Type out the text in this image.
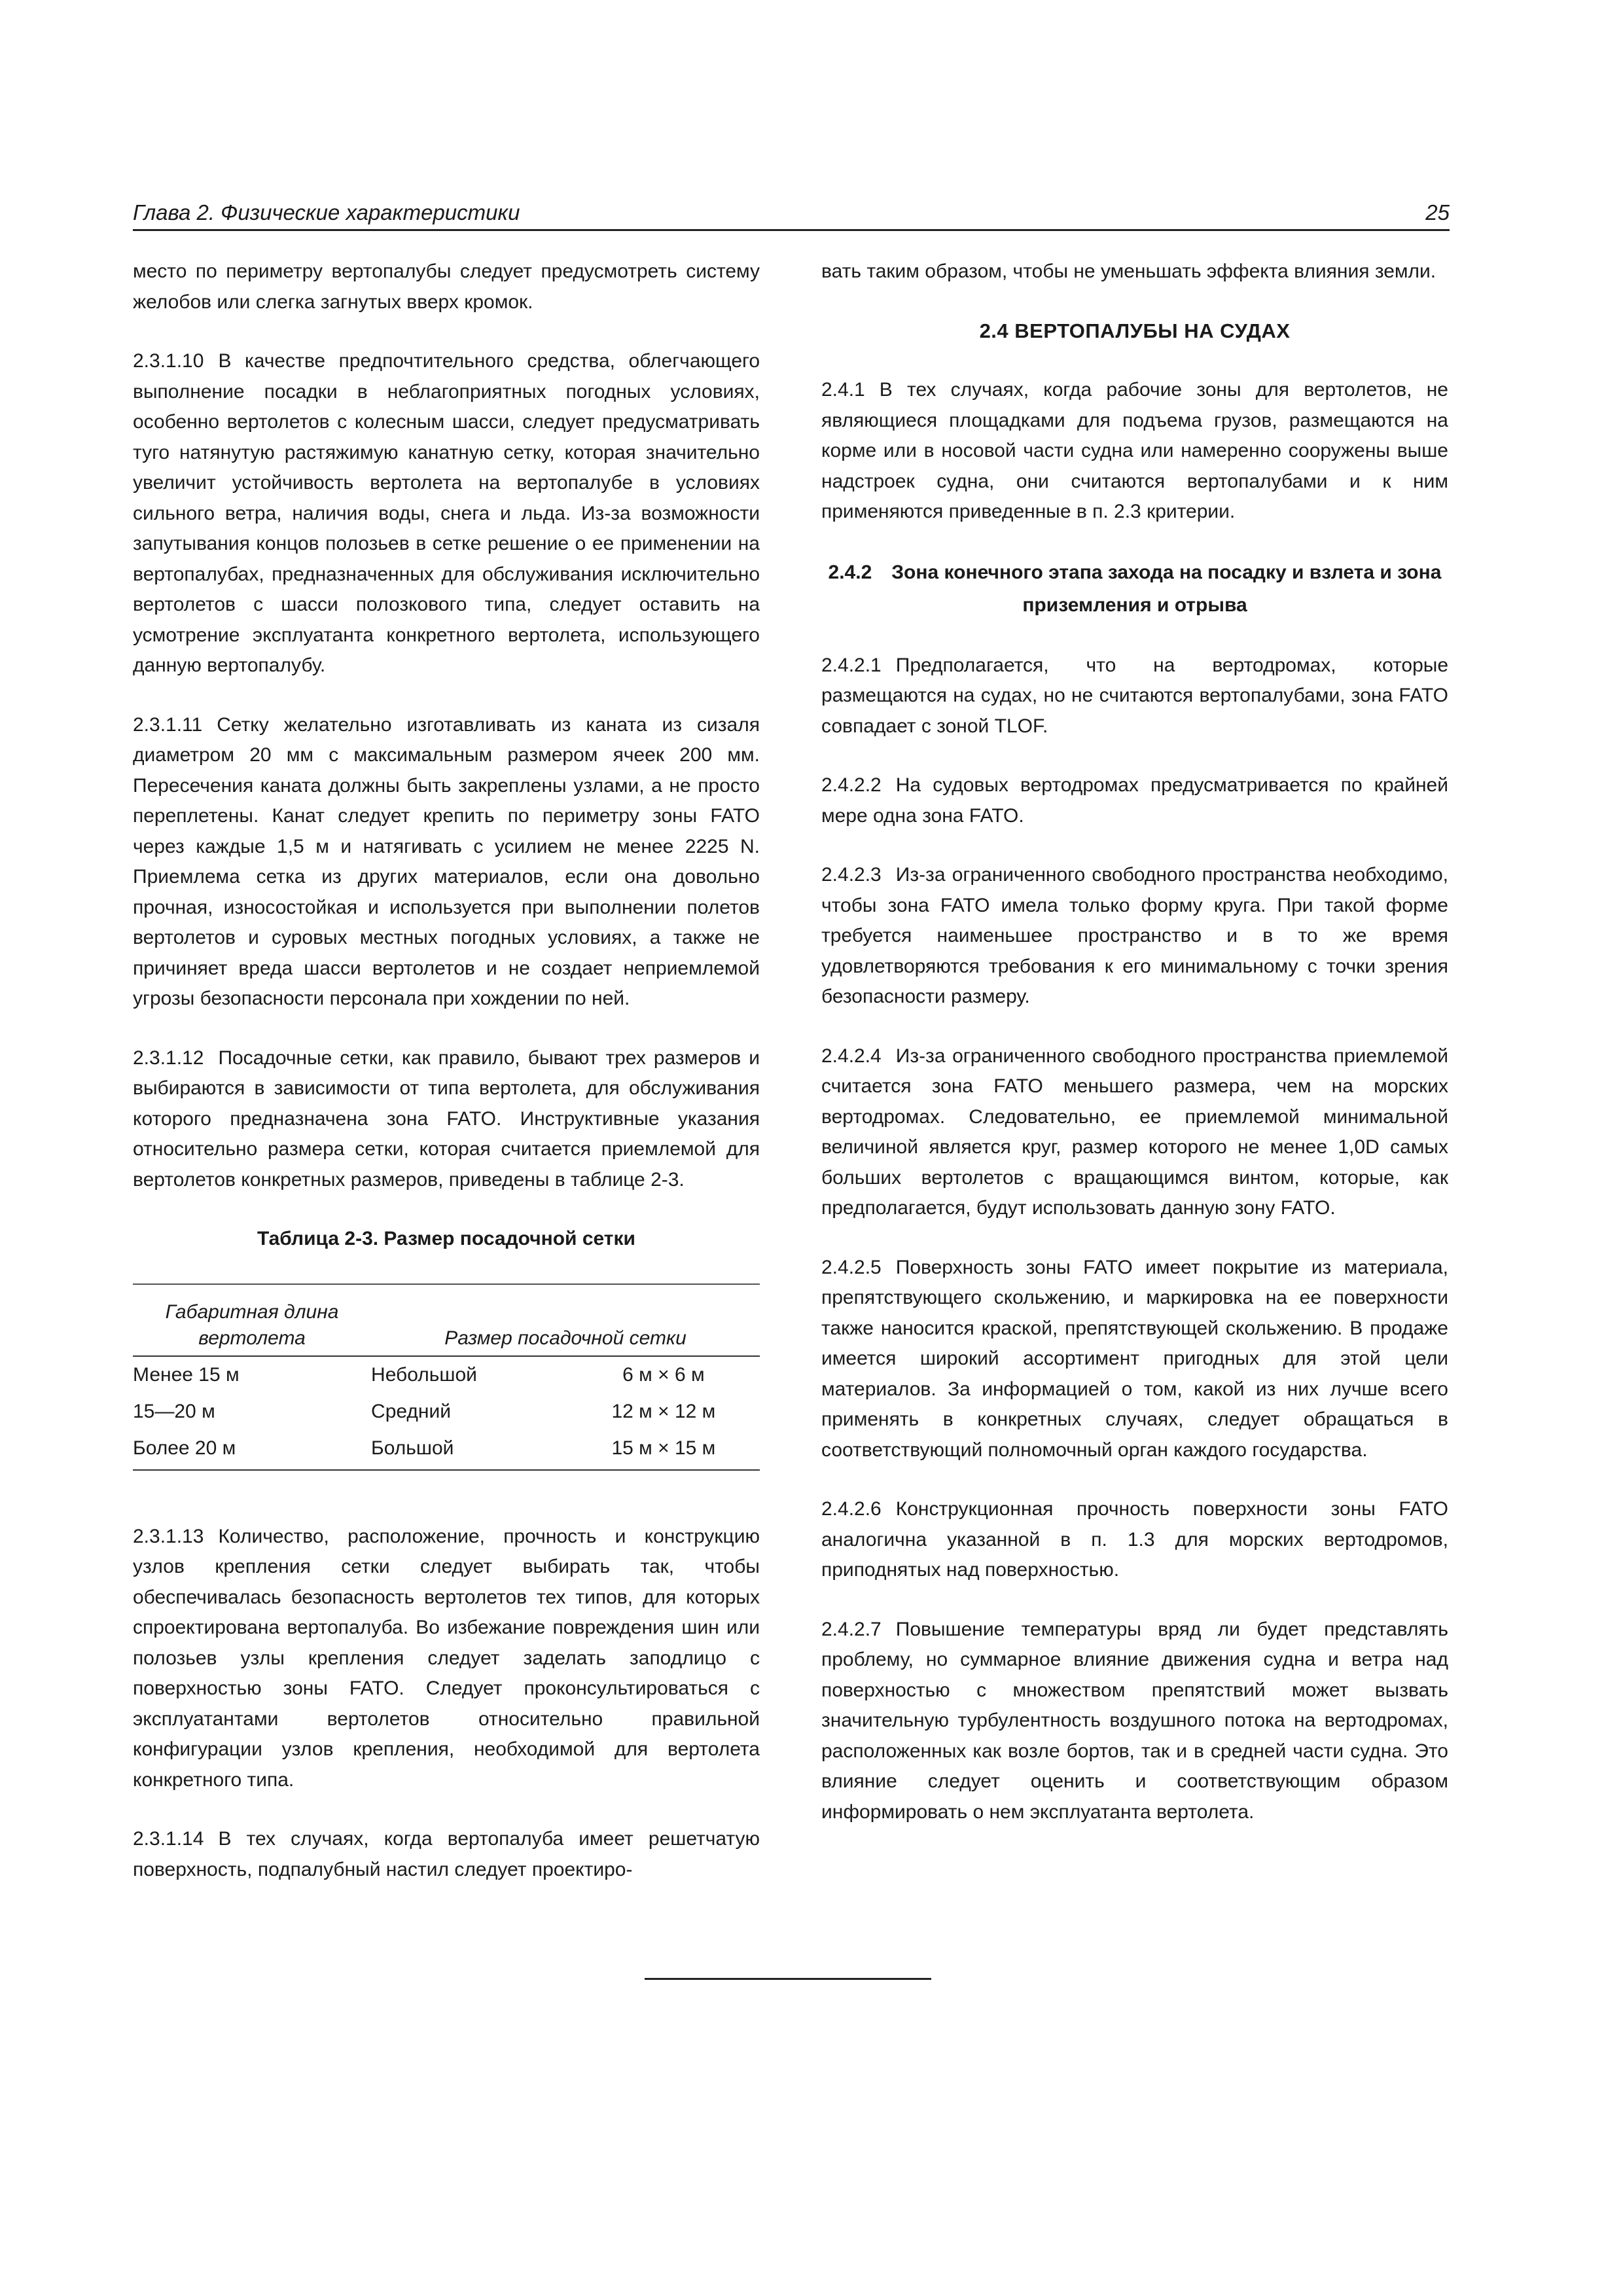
Глава 2. Физические характеристики	25

место по периметру вертопалубы следует предусмотреть систему желобов или слегка загнутых вверх кромок.

2.3.1.10 В качестве предпочтительного средства, облегчающего выполнение посадки в неблагоприятных погодных условиях, особенно вертолетов с колесным шасси, следует предусматривать туго натянутую растяжимую канатную сетку, которая значительно увеличит устойчивость вертолета на вертопалубе в условиях сильного ветра, наличия воды, снега и льда. Из-за возможности запутывания концов полозьев в сетке решение о ее применении на вертопалубах, предназначенных для обслуживания исключительно вертолетов с шасси полозкового типа, следует оставить на усмотрение эксплуатанта конкретного вертолета, использующего данную вертопалубу.

2.3.1.11 Сетку желательно изготавливать из каната из сизаля диаметром 20 мм с максимальным размером ячеек 200 мм. Пересечения каната должны быть закреплены узлами, а не просто переплетены. Канат следует крепить по периметру зоны FATO через каждые 1,5 м и натягивать с усилием не менее 2225 N. Приемлема сетка из других материалов, если она довольно прочная, износостойкая и используется при выполнении полетов вертолетов и суровых местных погодных условиях, а также не причиняет вреда шасси вертолетов и не создает неприемлемой угрозы безопасности персонала при хождении по ней.

2.3.1.12 Посадочные сетки, как правило, бывают трех размеров и выбираются в зависимости от типа вертолета, для обслуживания которого предназначена зона FATO. Инструктивные указания относительно размера сетки, которая считается приемлемой для вертолетов конкретных размеров, приведены в таблице 2-3.

Таблица 2-3. Размер посадочной сетки

Габаритная длина вертолета	Размер посадочной сетки	
Менее 15 м	Небольшой	6 м × 6 м
15—20 м	Средний	12 м × 12 м
Более 20 м	Большой	15 м × 15 м

2.3.1.13 Количество, расположение, прочность и конструкцию узлов крепления сетки следует выбирать так, чтобы обеспечивалась безопасность вертолетов тех типов, для которых спроектирована вертопалуба. Во избежание повреждения шин или полозьев узлы крепления следует заделать заподлицо с поверхностью зоны FATO. Следует проконсультироваться с эксплуатантами вертолетов относительно правильной конфигурации узлов крепления, необходимой для вертолета конкретного типа.

2.3.1.14 В тех случаях, когда вертопалуба имеет решетчатую поверхность, подпалубный настил следует проектиро-

вать таким образом, чтобы не уменьшать эффекта влияния земли.

2.4 ВЕРТОПАЛУБЫ НА СУДАХ

2.4.1 В тех случаях, когда рабочие зоны для вертолетов, не являющиеся площадками для подъема грузов, размещаются на корме или в носовой части судна или намеренно сооружены выше надстроек судна, они считаются вертопалубами и к ним применяются приведенные в п. 2.3 критерии.

2.4.2 Зона конечного этапа захода на посадку и взлета и зона приземления и отрыва

2.4.2.1 Предполагается, что на вертодромах, которые размещаются на судах, но не считаются вертопалубами, зона FATO совпадает с зоной TLOF.

2.4.2.2 На судовых вертодромах предусматривается по крайней мере одна зона FATO.

2.4.2.3 Из-за ограниченного свободного пространства необходимо, чтобы зона FATO имела только форму круга. При такой форме требуется наименьшее пространство и в то же время удовлетворяются требования к его минимальному с точки зрения безопасности размеру.

2.4.2.4 Из-за ограниченного свободного пространства приемлемой считается зона FATO меньшего размера, чем на морских вертодромах. Следовательно, ее приемлемой минимальной величиной является круг, размер которого не менее 1,0D самых больших вертолетов с вращающимся винтом, которые, как предполагается, будут использовать данную зону FATO.

2.4.2.5 Поверхность зоны FATO имеет покрытие из материала, препятствующего скольжению, и маркировка на ее поверхности также наносится краской, препятствующей скольжению. В продаже имеется широкий ассортимент пригодных для этой цели материалов. За информацией о том, какой из них лучше всего применять в конкретных случаях, следует обращаться в соответствующий полномочный орган каждого государства.

2.4.2.6 Конструкционная прочность поверхности зоны FATO аналогична указанной в п. 1.3 для морских вертодромов, приподнятых над поверхностью.

2.4.2.7 Повышение температуры вряд ли будет представлять проблему, но суммарное влияние движения судна и ветра над поверхностью с множеством препятствий может вызвать значительную турбулентность воздушного потока на вертодромах, расположенных как возле бортов, так и в средней части судна. Это влияние следует оценить и соответствующим образом информировать о нем эксплуатанта вертолета.
